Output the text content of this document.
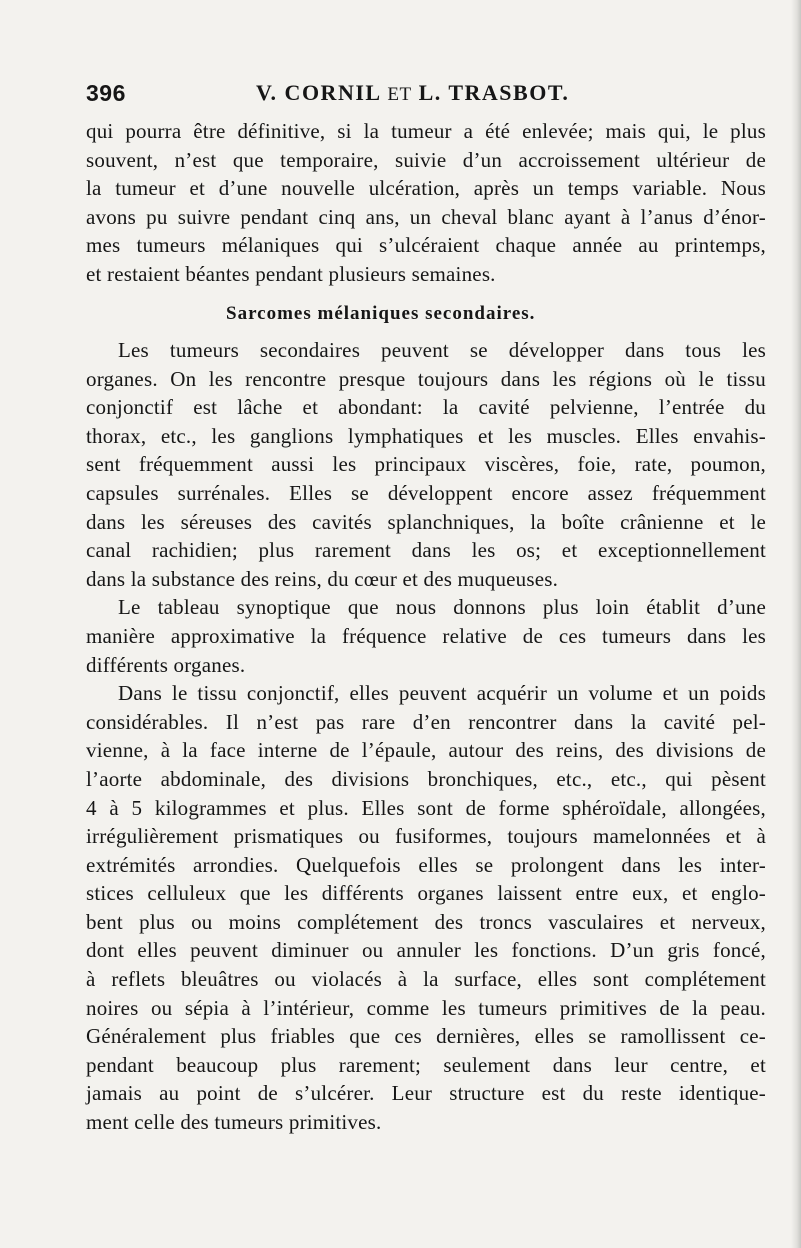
396	V. CORNIL ET L. TRASBOT.
qui pourra être définitive, si la tumeur a été enlevée; mais qui, le plus
souvent, n’est que temporaire, suivie d’un accroissement ultérieur de
la tumeur et d’une nouvelle ulcération, après un temps variable. Nous
avons pu suivre pendant cinq ans, un cheval blanc ayant à l’anus d’énor-
mes tumeurs mélaniques qui s’ulcéraient chaque année au printemps,
et restaient béantes pendant plusieurs semaines.
Sarcomes mélaniques secondaires.
Les tumeurs secondaires peuvent se développer dans tous les
organes. On les rencontre presque toujours dans les régions où le tissu
conjonctif est lâche et abondant: la cavité pelvienne, l’entrée du
thorax, etc., les ganglions lymphatiques et les muscles. Elles envahis-
sent fréquemment aussi les principaux viscères, foie, rate, poumon,
capsules surrénales. Elles se développent encore assez fréquemment
dans les séreuses des cavités splanchniques, la boîte crânienne et le
canal rachidien; plus rarement dans les os; et exceptionnellement
dans la substance des reins, du cœur et des muqueuses.
Le tableau synoptique que nous donnons plus loin établit d’une
manière approximative la fréquence relative de ces tumeurs dans les
différents organes.
Dans le tissu conjonctif, elles peuvent acquérir un volume et un poids
considérables. Il n’est pas rare d’en rencontrer dans la cavité pel-
vienne, à la face interne de l’épaule, autour des reins, des divisions de
l’aorte abdominale, des divisions bronchiques, etc., etc., qui pèsent
4 à 5 kilogrammes et plus. Elles sont de forme sphéroïdale, allongées,
irrégulièrement prismatiques ou fusiformes, toujours mamelonnées et à
extrémités arrondies. Quelquefois elles se prolongent dans les inter-
stices celluleux que les différents organes laissent entre eux, et englo-
bent plus ou moins complétement des troncs vasculaires et nerveux,
dont elles peuvent diminuer ou annuler les fonctions. D’un gris foncé,
à reflets bleuâtres ou violacés à la surface, elles sont complétement
noires ou sépia à l’intérieur, comme les tumeurs primitives de la peau.
Généralement plus friables que ces dernières, elles se ramollissent ce-
pendant beaucoup plus rarement; seulement dans leur centre, et
jamais au point de s’ulcérer. Leur structure est du reste identique-
ment celle des tumeurs primitives.
